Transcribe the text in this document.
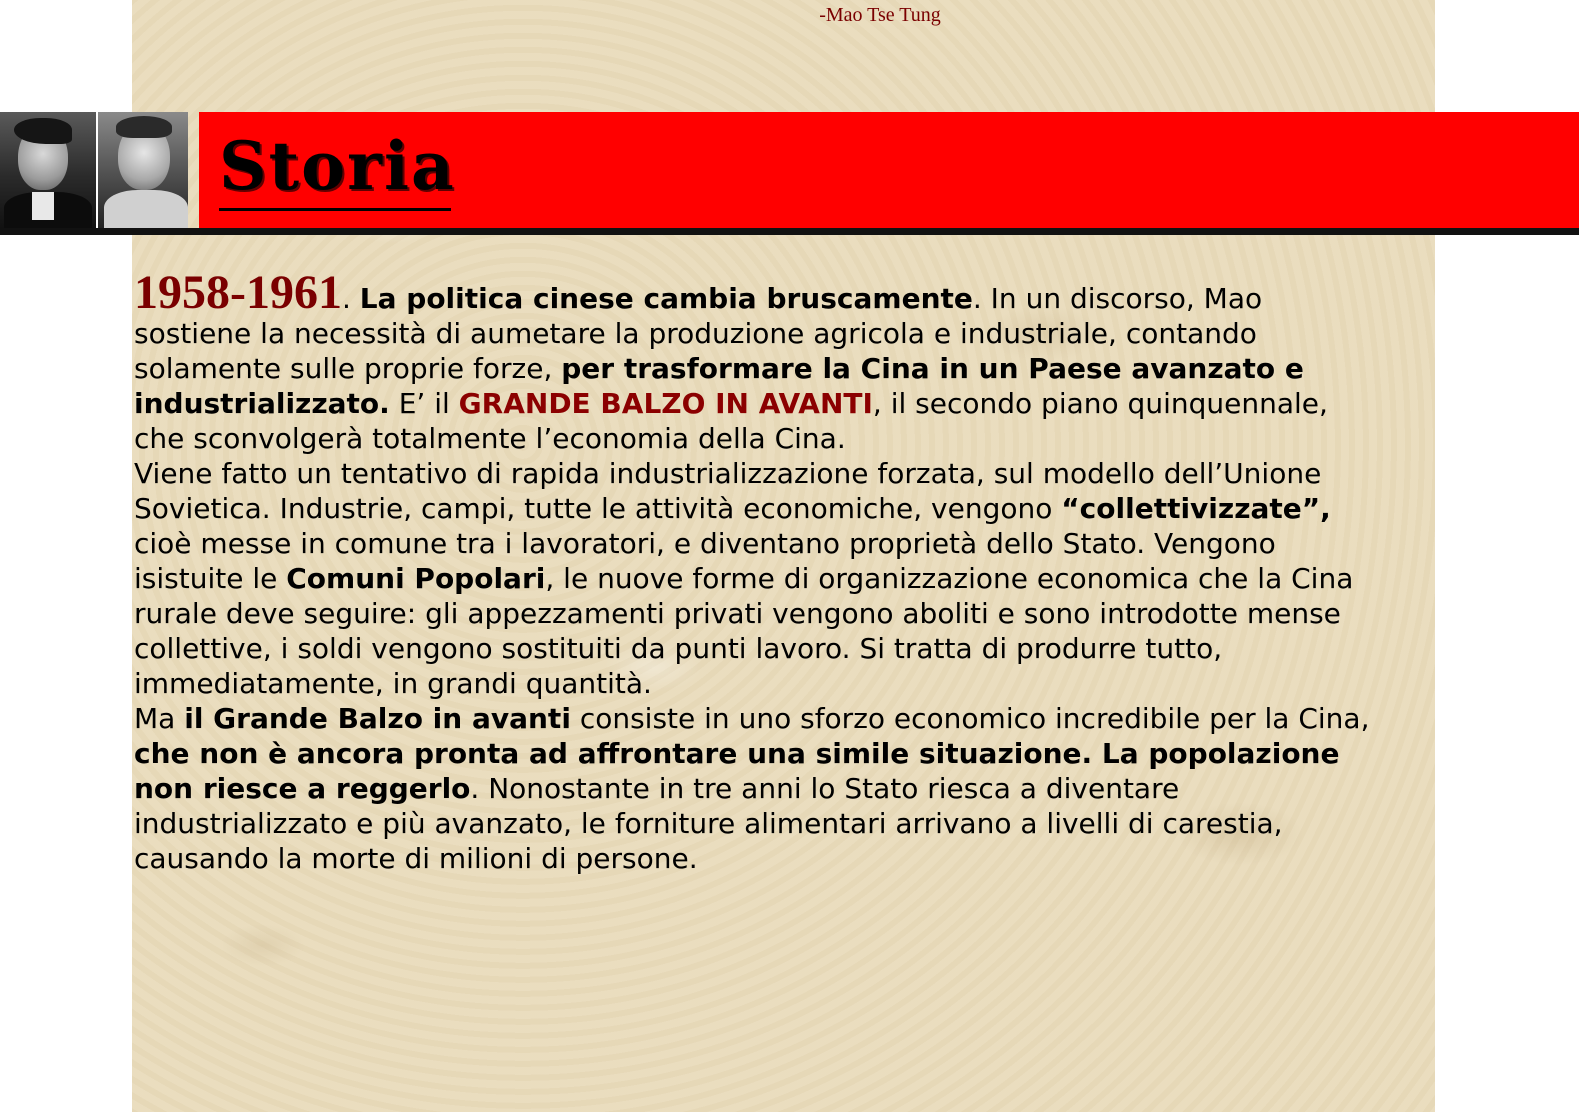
-Mao Tse Tung
Storia

1958-1961. La politica cinese cambia bruscamente. In un discorso, Mao sostiene la necessità di aumetare la produzione agricola e industriale, contando solamente sulle proprie forze, per trasformare la Cina in un Paese avanzato e industrializzato. E’ il GRANDE BALZO IN AVANTI, il secondo piano quinquennale, che sconvolgerà totalmente l’economia della Cina.

Viene fatto un tentativo di rapida industrializzazione forzata, sul modello dell’Unione Sovietica. Industrie, campi, tutte le attività economiche, vengono “collettivizzate”, cioè messe in comune tra i lavoratori, e diventano proprietà dello Stato. Vengono isistuite le Comuni Popolari, le nuove forme di organizzazione economica che la Cina rurale deve seguire: gli appezzamenti privati vengono aboliti e sono introdotte mense collettive, i soldi vengono sostituiti da punti lavoro. Si tratta di produrre tutto, immediatamente, in grandi quantità.

Ma il Grande Balzo in avanti consiste in uno sforzo economico incredibile per la Cina, che non è ancora pronta ad affrontare una simile situazione. La popolazione non riesce a reggerlo. Nonostante in tre anni lo Stato riesca a diventare industrializzato e più avanzato, le forniture alimentari arrivano a livelli di carestia, causando la morte di milioni di persone.
